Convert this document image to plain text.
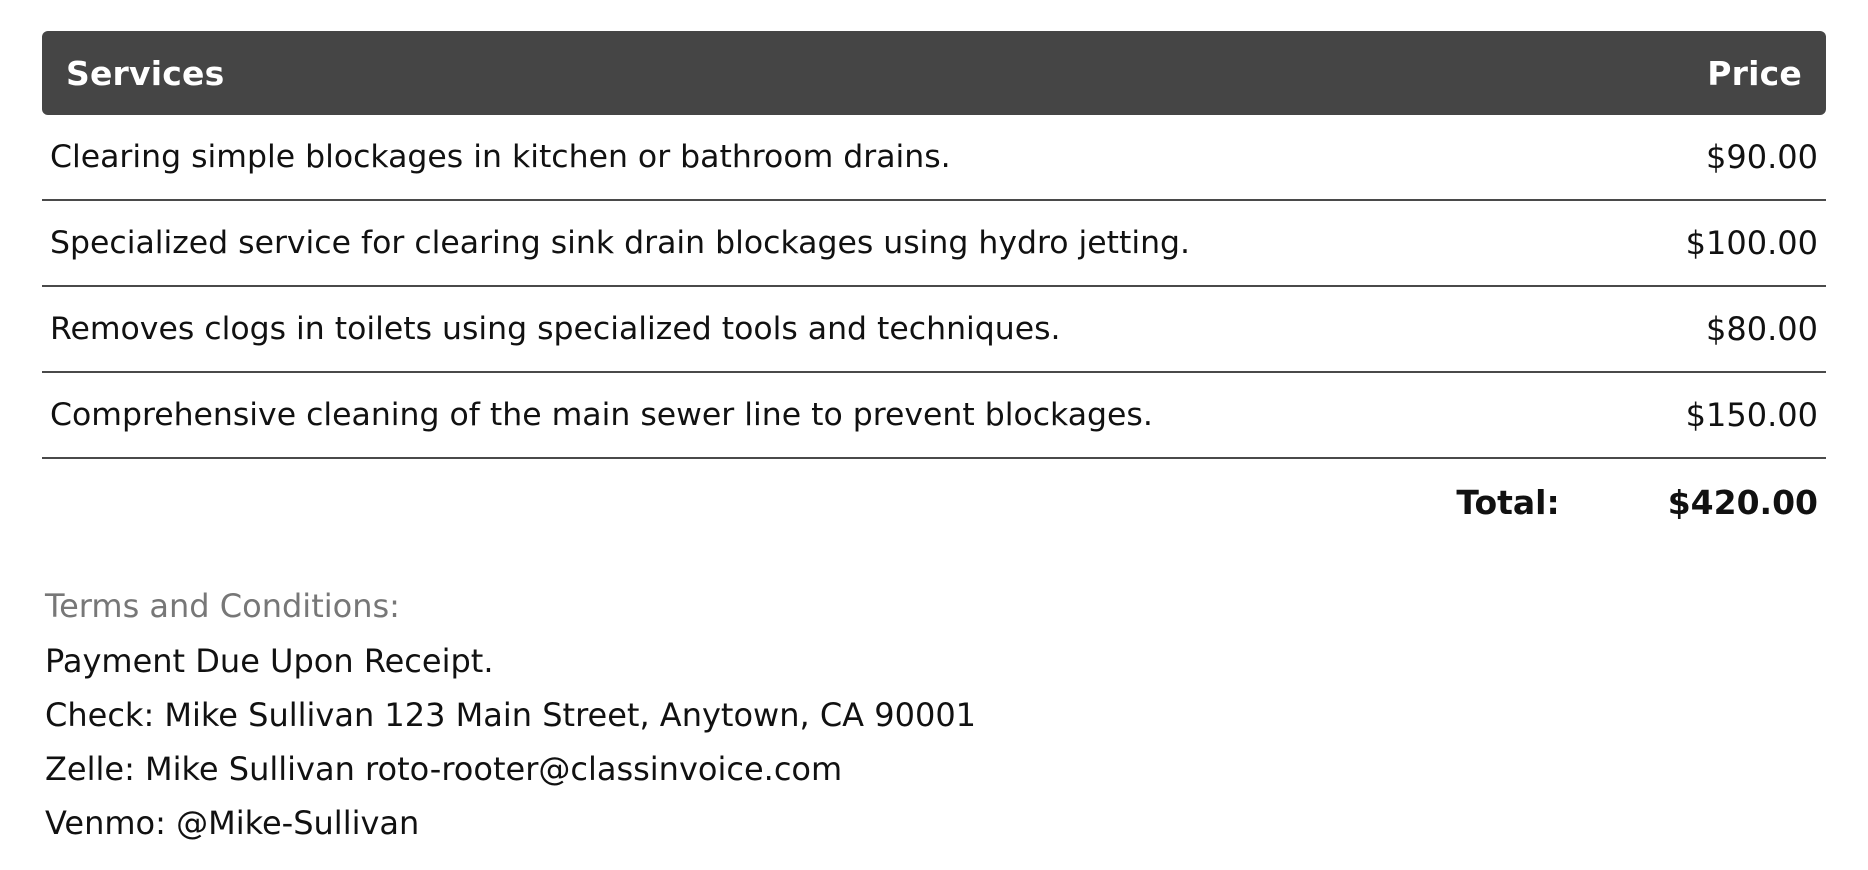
Services	Price
Clearing simple blockages in kitchen or bathroom drains.	$90.00
Specialized service for clearing sink drain blockages using hydro jetting.	$100.00
Removes clogs in toilets using specialized tools and techniques.	$80.00
Comprehensive cleaning of the main sewer line to prevent blockages.	$150.00
Total:	$420.00
Terms and Conditions:
Payment Due Upon Receipt.
Check: Mike Sullivan 123 Main Street, Anytown, CA 90001
Zelle: Mike Sullivan roto-rooter@classinvoice.com
Venmo: @Mike-Sullivan
